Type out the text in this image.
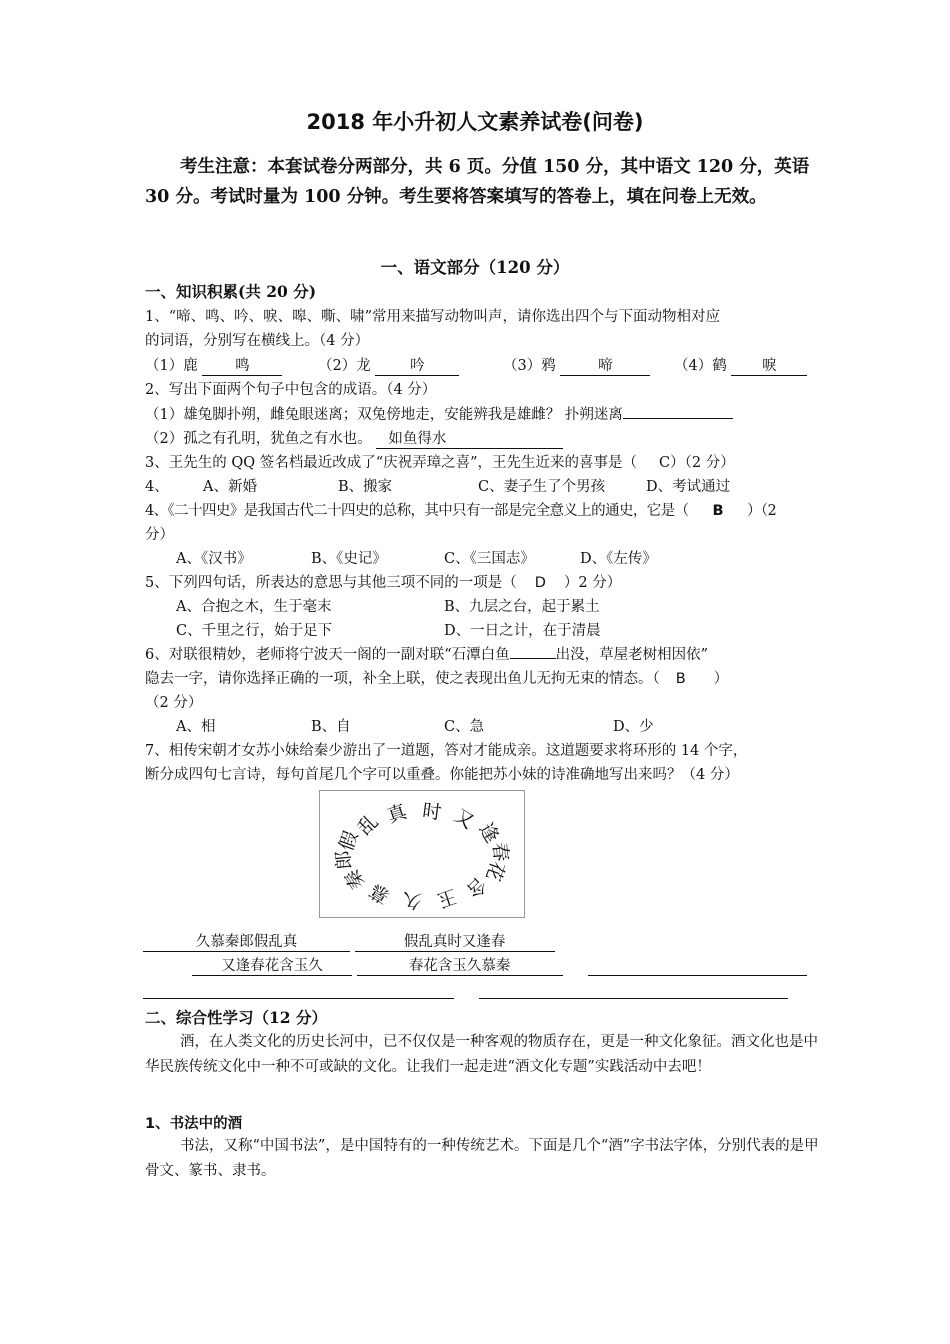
2018 年小升初人文素养试卷(问卷)
考生注意：本套试卷分两部分，共 6 页。分值 150 分，其中语文 120 分，英语 30 分。考试时量为 100 分钟。考生要将答案填写的答卷上，填在问卷上无效。
一、语文部分（120 分）
一、知识积累(共 20 分)
1、“啼、鸣、吟、唳、嗥、嘶、啸”常用来描写动物叫声，请你选出四个与下面动物相对应
的词语，分别写在横线上。（4 分）
（1）鹿	鸣	（2）龙	吟	（3）鸦	啼	（4）鹤 唳
2、写出下面两个句子中包含的成语。（4 分）
（1）雄兔脚扑朔，雌兔眼迷离；双兔傍地走，安能辨我是雄雌？ 扑朔迷离
（2）孤之有孔明，犹鱼之有水也。 如鱼得水
3、王先生的 QQ 签名档最近改成了“庆祝弄璋之喜”，王先生近来的喜事是（ C）（2 分）
4、 A、新婚	B、搬家	C、妻子生了个男孩	D、考试通过
4、《二十四史》是我国古代二十四史的总称，其中只有一部是完全意义上的通史，它是（ B ）（2
分）
A、《汉书》	B、《史记》	C、《三国志》	D、《左传》
5、下列四句话，所表达的意思与其他三项不同的一项是（ D ）2 分）
A、合抱之木，生于毫末	B、九层之台，起于累土
C、千里之行，始于足下	D、一日之计，在于清晨
6、对联很精妙，老师将宁波天一阁的一副对联“石潭白鱼	出没，草屋老树相因依”
隐去一字，请你选择正确的一项，补全上联，使之表现出鱼儿无拘无束的情态。（ B ）
（2 分）
A、相	B、自	C、急	D、少
7、相传宋朝才女苏小妹给秦少游出了一道题，答对才能成亲。这道题要求将环形的 14 个字，
断分成四句七言诗，每句首尾几个字可以重叠。你能把苏小妹的诗准确地写出来吗？（4 分）
假
乱 真 时 又
逢
春
花
含
玉
久
慕
秦
郎
久慕秦郎假乱真	假乱真时又逢春
又逢春花含玉久	春花含玉久慕秦
二、综合性学习（12 分）
酒，在人类文化的历史长河中，已不仅仅是一种客观的物质存在，更是一种文化象征。酒文化也是中华民族传统文化中一种不可或缺的文化。让我们一起走进“酒文化专题”实践活动中去吧！
1、书法中的酒
书法，又称“中国书法”，是中国特有的一种传统艺术。下面是几个“酒”字书法字体，分别代表的是甲骨文、篆书、隶书。
